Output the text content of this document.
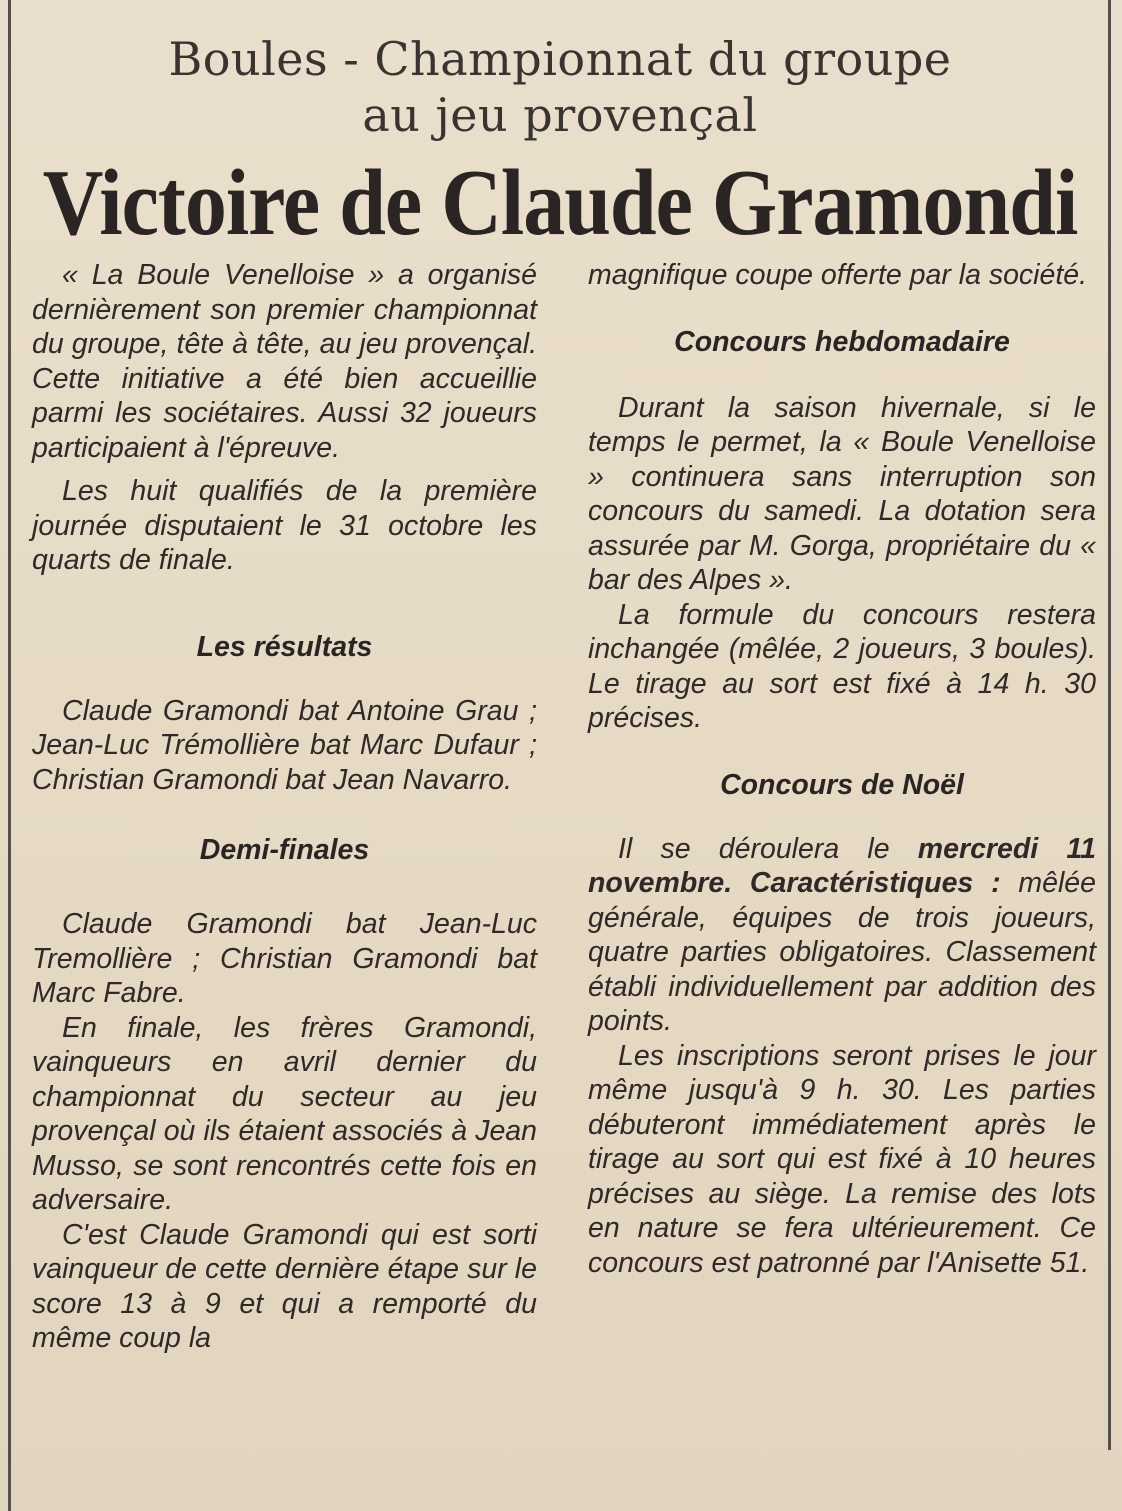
Boules - Championnat du groupe
au jeu provençal
Victoire de Claude Gramondi

« La Boule Venelloise » a organisé dernièrement son premier championnat du groupe, tête à tête, au jeu provençal. Cette initiative a été bien accueillie parmi les sociétaires. Aussi 32 joueurs participaient à l'épreuve.

Les huit qualifiés de la première journée disputaient le 31 octobre les quarts de finale.

Les résultats

Claude Gramondi bat Antoine Grau ; Jean-Luc Trémollière bat Marc Dufaur ; Christian Gramondi bat Jean Navarro.

Demi-finales

Claude Gramondi bat Jean-Luc Tremollière ; Christian Gramondi bat Marc Fabre.

En finale, les frères Gramondi, vainqueurs en avril dernier du championnat du secteur au jeu provençal où ils étaient associés à Jean Musso, se sont rencontrés cette fois en adversaire.

C'est Claude Gramondi qui est sorti vainqueur de cette dernière étape sur le score 13 à 9 et qui a remporté du même coup la

magnifique coupe offerte par la société.

Concours hebdomadaire

Durant la saison hivernale, si le temps le permet, la « Boule Venelloise » continuera sans interruption son concours du samedi. La dotation sera assurée par M. Gorga, propriétaire du « bar des Alpes ».

La formule du concours restera inchangée (mêlée, 2 joueurs, 3 boules). Le tirage au sort est fixé à 14 h. 30 précises.

Concours de Noël

Il se déroulera le mercredi 11 novembre. Caractéristiques : mêlée générale, équipes de trois joueurs, quatre parties obligatoires. Classement établi individuellement par addition des points.

Les inscriptions seront prises le jour même jusqu'à 9 h. 30. Les parties débuteront immédiatement après le tirage au sort qui est fixé à 10 heures précises au siège. La remise des lots en nature se fera ultérieurement. Ce concours est patronné par l'Anisette 51.
